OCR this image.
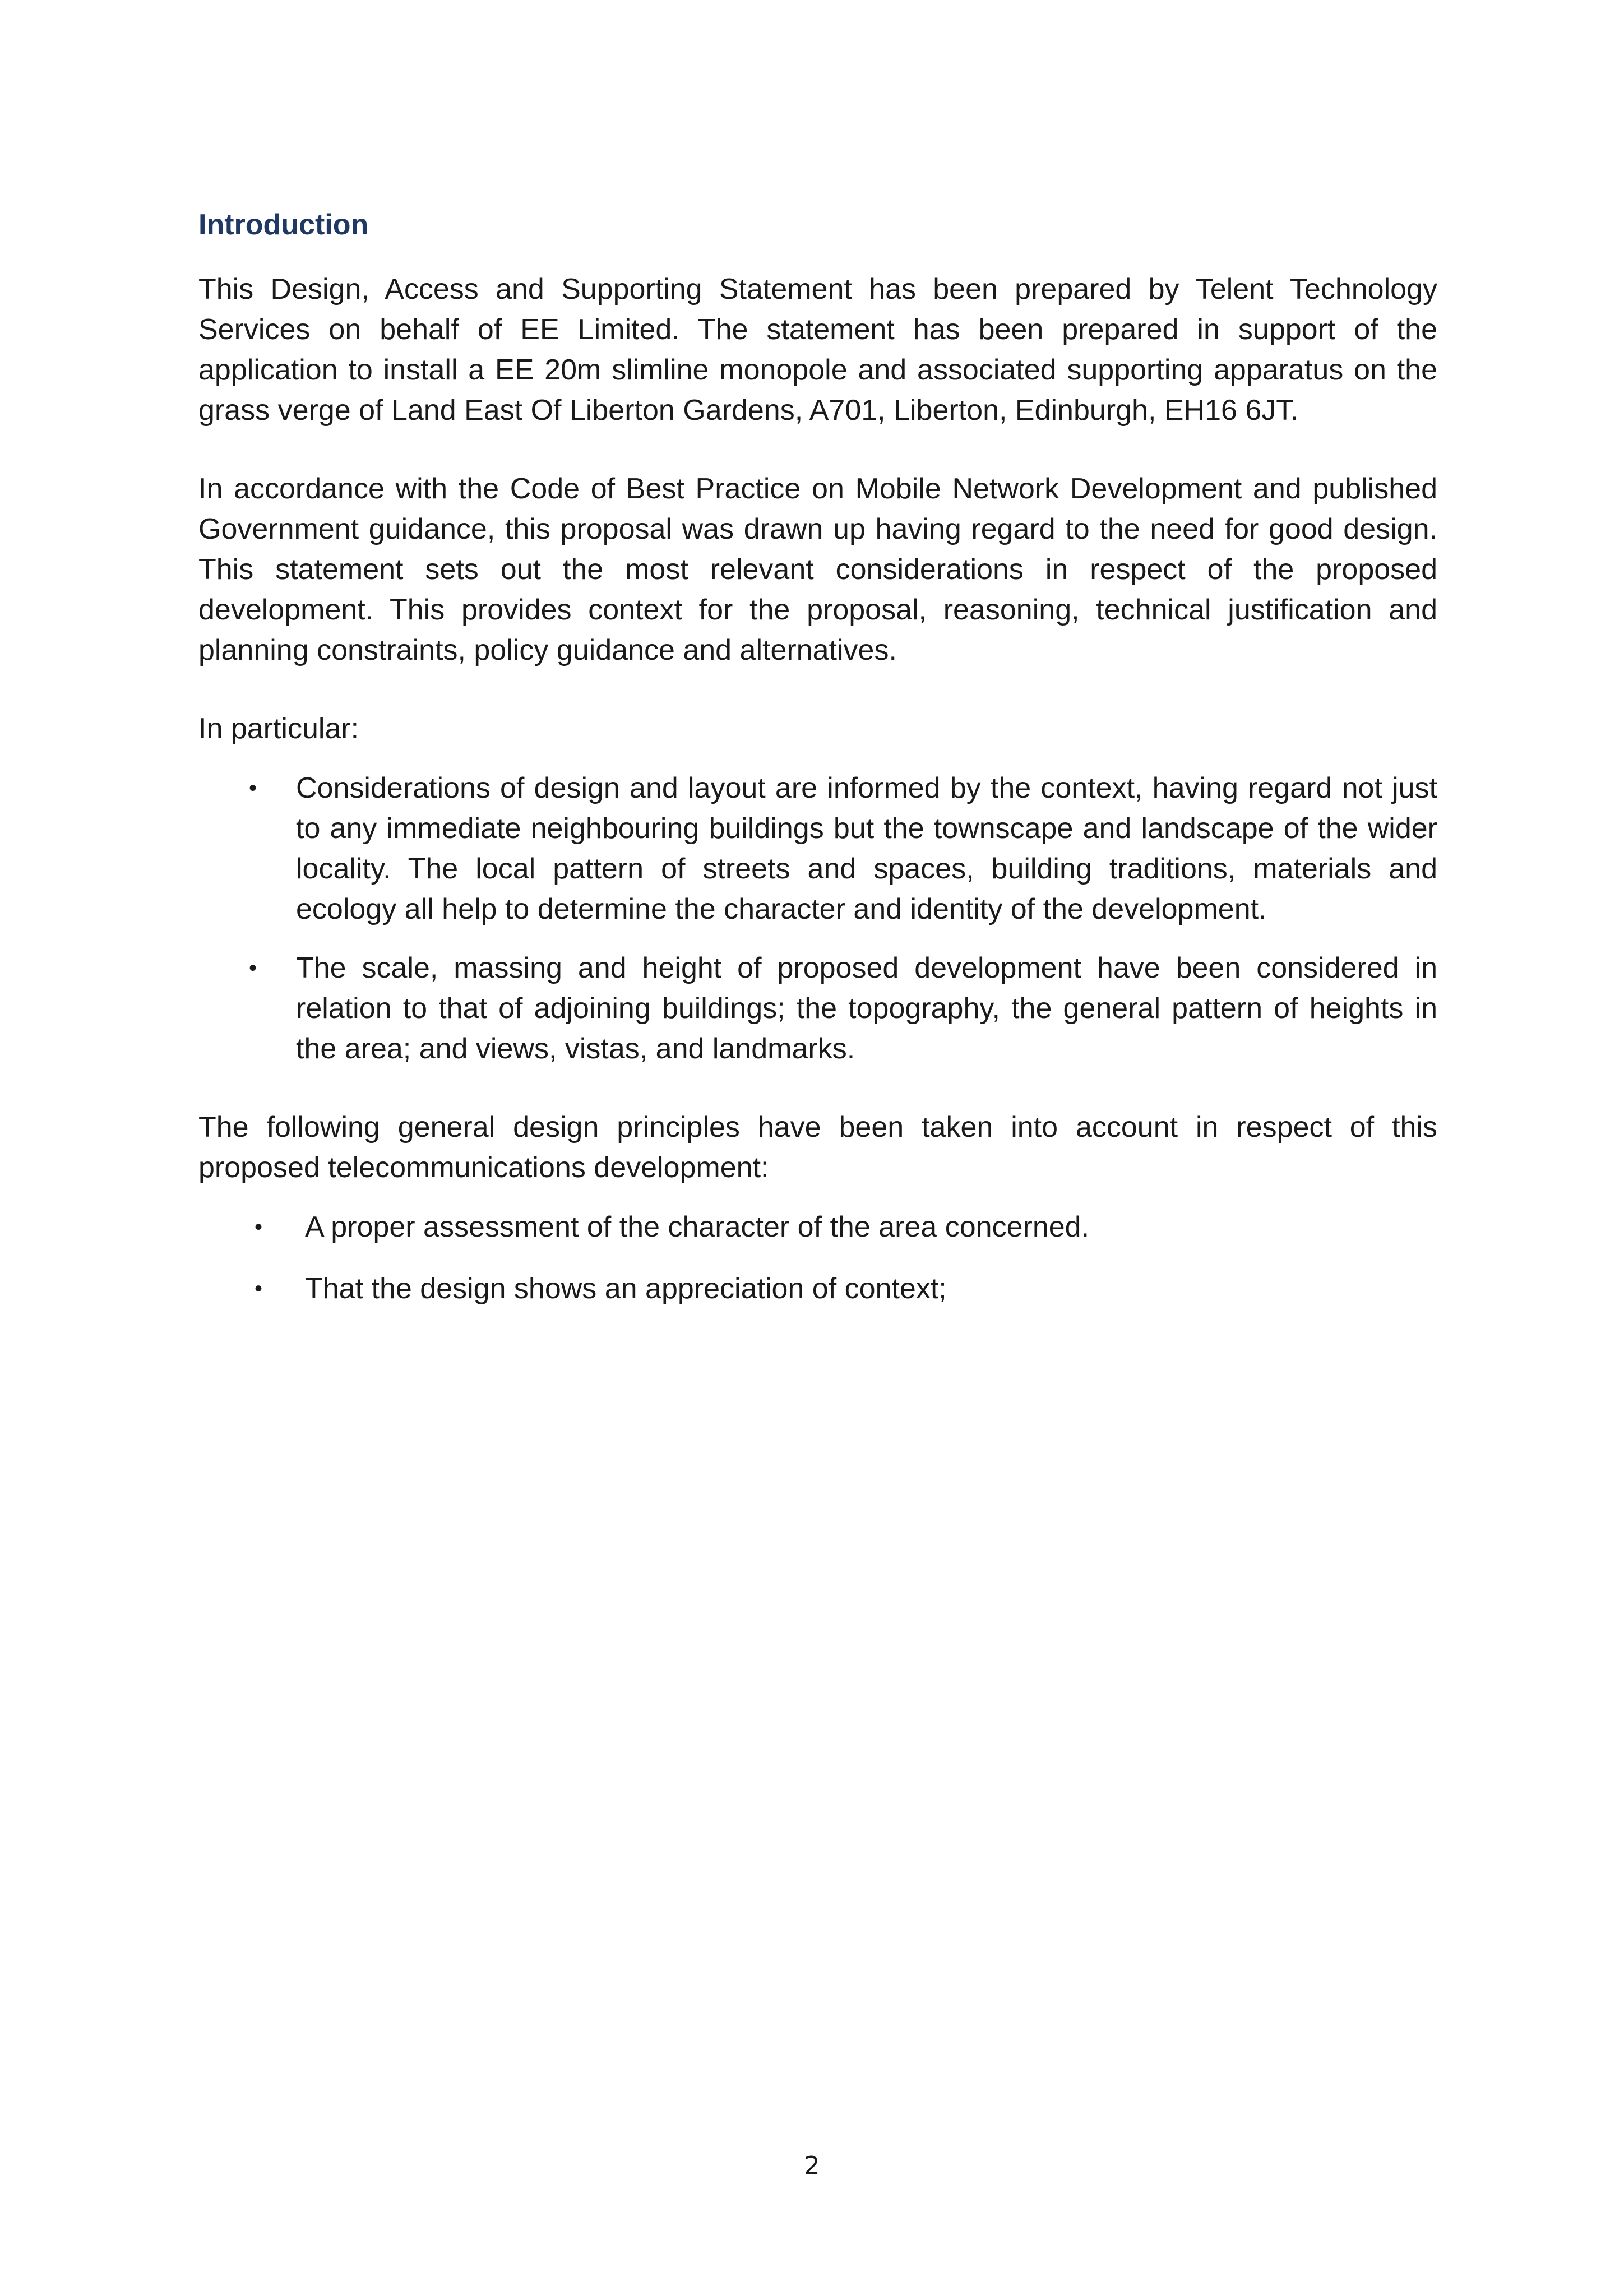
Introduction

This Design, Access and Supporting Statement has been prepared by Telent Technology Services on behalf of EE Limited. The statement has been prepared in support of the application to install a EE 20m slimline monopole and associated supporting apparatus on the grass verge of Land East Of Liberton Gardens, A701, Liberton, Edinburgh, EH16 6JT.

In accordance with the Code of Best Practice on Mobile Network Development and published Government guidance, this proposal was drawn up having regard to the need for good design. This statement sets out the most relevant considerations in respect of the proposed development. This provides context for the proposal, reasoning, technical justification and planning constraints, policy guidance and alternatives.

In particular:

• Considerations of design and layout are informed by the context, having regard not just to any immediate neighbouring buildings but the townscape and landscape of the wider locality. The local pattern of streets and spaces, building traditions, materials and ecology all help to determine the character and identity of the development.
• The scale, massing and height of proposed development have been considered in relation to that of adjoining buildings; the topography, the general pattern of heights in the area; and views, vistas, and landmarks.

The following general design principles have been taken into account in respect of this proposed telecommunications development:

• A proper assessment of the character of the area concerned.
• That the design shows an appreciation of context;
2
